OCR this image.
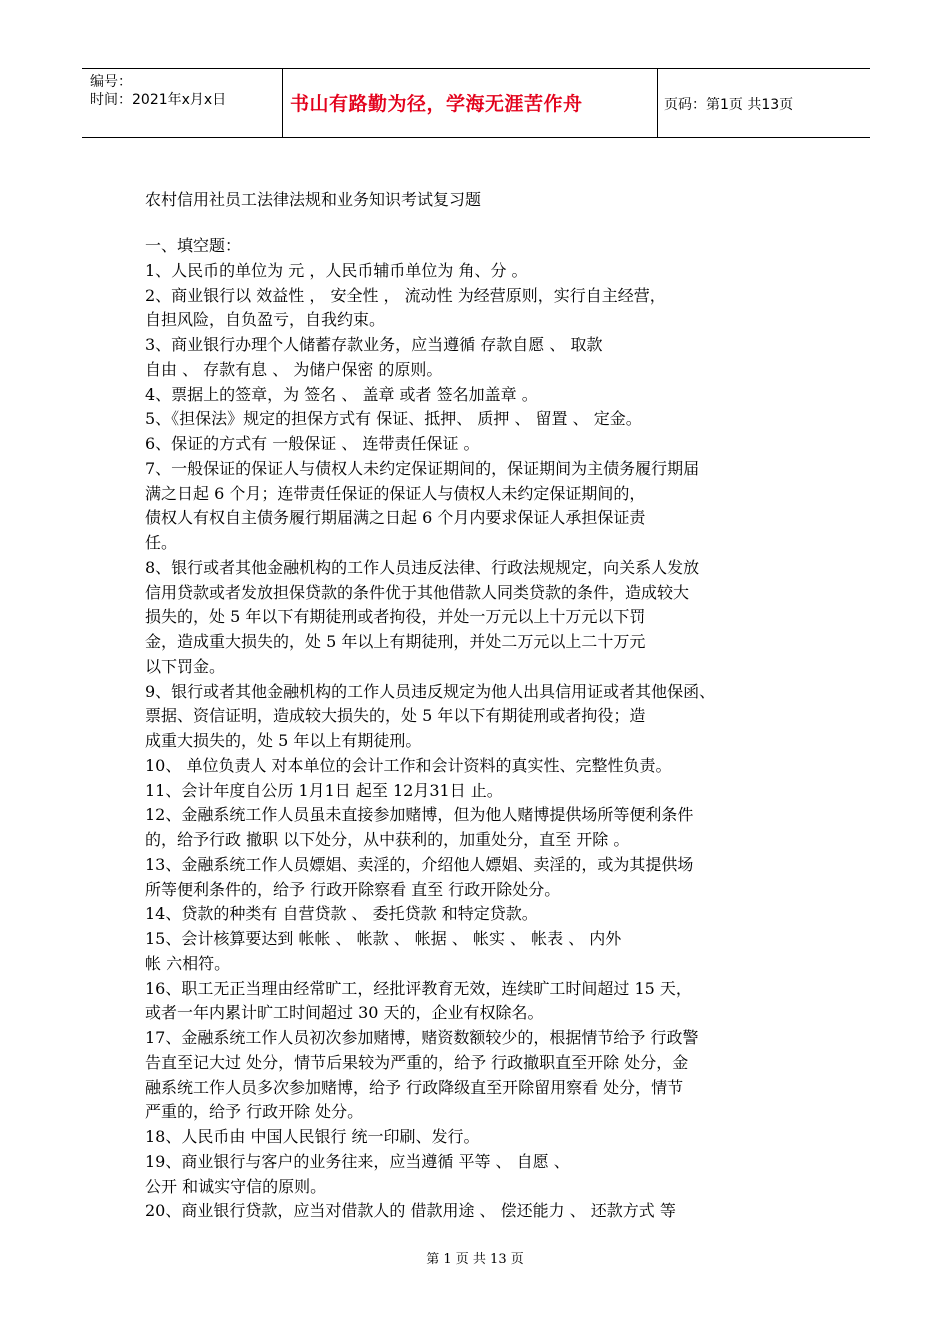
编号：
时间：2021年x月x日	书山有路勤为径，学海无涯苦作舟	页码：第1页 共13页
农村信用社员工法律法规和业务知识考试复习题

一、填空题：

1、人民币的单位为 元 ，人民币辅币单位为 角、分 。

2、商业银行以 效益性 ， 安全性 ， 流动性 为经营原则，实行自主经营，

自担风险，自负盈亏，自我约束。

3、商业银行办理个人储蓄存款业务，应当遵循 存款自愿 、 取款

自由 、 存款有息 、 为储户保密 的原则。

4、票据上的签章，为 签名 、 盖章 或者 签名加盖章 。

5、《担保法》规定的担保方式有 保证、抵押、 质押 、 留置 、 定金。

6、保证的方式有 一般保证 、 连带责任保证 。

7、一般保证的保证人与债权人未约定保证期间的，保证期间为主债务履行期届

满之日起 6 个月；连带责任保证的保证人与债权人未约定保证期间的，

债权人有权自主债务履行期届满之日起 6 个月内要求保证人承担保证责

任。

8、银行或者其他金融机构的工作人员违反法律、行政法规规定，向关系人发放

信用贷款或者发放担保贷款的条件优于其他借款人同类贷款的条件，造成较大

损失的，处 5 年以下有期徒刑或者拘役，并处一万元以上十万元以下罚

金，造成重大损失的，处 5 年以上有期徒刑，并处二万元以上二十万元

以下罚金。

9、银行或者其他金融机构的工作人员违反规定为他人出具信用证或者其他保函、

票据、资信证明，造成较大损失的，处 5 年以下有期徒刑或者拘役；造

成重大损失的，处 5 年以上有期徒刑。

10、 单位负责人 对本单位的会计工作和会计资料的真实性、完整性负责。

11、会计年度自公历 1月1日 起至 12月31日 止。

12、金融系统工作人员虽未直接参加赌博，但为他人赌博提供场所等便利条件

的，给予行政 撤职 以下处分，从中获利的，加重处分，直至 开除 。

13、金融系统工作人员嫖娼、卖淫的，介绍他人嫖娼、卖淫的，或为其提供场

所等便利条件的，给予 行政开除察看 直至 行政开除处分。

14、贷款的种类有 自营贷款 、 委托贷款 和特定贷款。

15、会计核算要达到 帐帐 、 帐款 、 帐据 、 帐实 、 帐表 、 内外

帐 六相符。

16、职工无正当理由经常旷工，经批评教育无效，连续旷工时间超过 15 天，

或者一年内累计旷工时间超过 30 天的，企业有权除名。

17、金融系统工作人员初次参加赌博，赌资数额较少的，根据情节给予 行政警

告直至记大过 处分，情节后果较为严重的，给予 行政撤职直至开除 处分，金

融系统工作人员多次参加赌博，给予 行政降级直至开除留用察看 处分，情节

严重的，给予 行政开除 处分。

18、人民币由 中国人民银行 统一印刷、发行。

19、商业银行与客户的业务往来，应当遵循 平等 、 自愿 、

公开 和诚实守信的原则。

20、商业银行贷款，应当对借款人的 借款用途 、 偿还能力 、 还款方式 等

第 1 页 共 13 页
